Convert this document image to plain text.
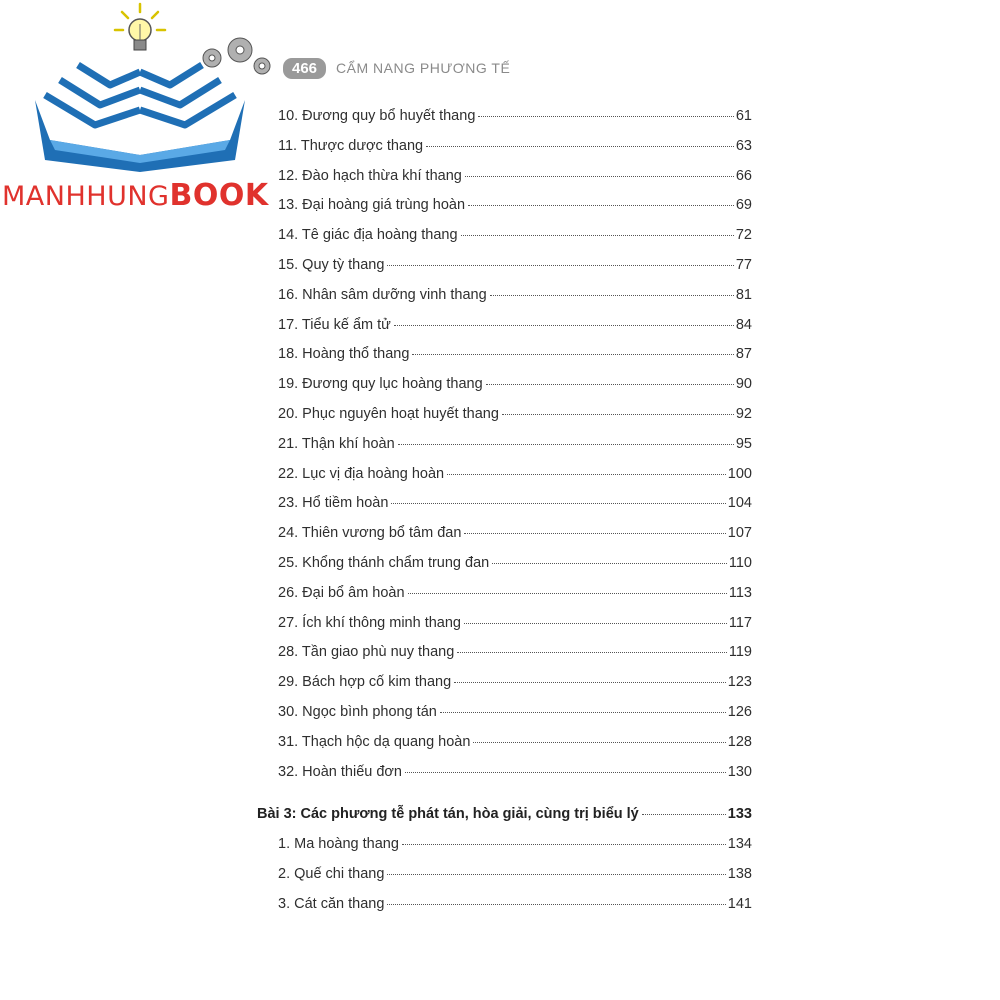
MANHHUNGBOOK
466	CẨM NANG PHƯƠNG TẾ
10. Đương quy bổ huyết thang	61
11. Thược dược thang	63
12. Đào hạch thừa khí thang	66
13. Đại hoàng giá trùng hoàn	69
14. Tê giác địa hoàng thang	72
15. Quy tỳ thang	77
16. Nhân sâm dưỡng vinh thang	81
17. Tiểu kế ẩm tử	84
18. Hoàng thổ thang	87
19. Đương quy lục hoàng thang	90
20. Phục nguyên hoạt huyết thang	92
21. Thận khí hoàn	95
22. Lục vị địa hoàng hoàn	100
23. Hổ tiềm hoàn	104
24. Thiên vương bổ tâm đan	107
25. Khổng thánh chẩm trung đan	110
26. Đại bổ âm hoàn	113
27. Ích khí thông minh thang	117
28. Tần giao phù nuy thang	119
29. Bách hợp cố kim thang	123
30. Ngọc bình phong tán	126
31. Thạch hộc dạ quang hoàn	128
32. Hoàn thiếu đơn	130
Bài 3: Các phương tễ phát tán, hòa giải, cùng trị biểu lý	133
1. Ma hoàng thang	134
2. Quế chi thang	138
3. Cát căn thang	141
